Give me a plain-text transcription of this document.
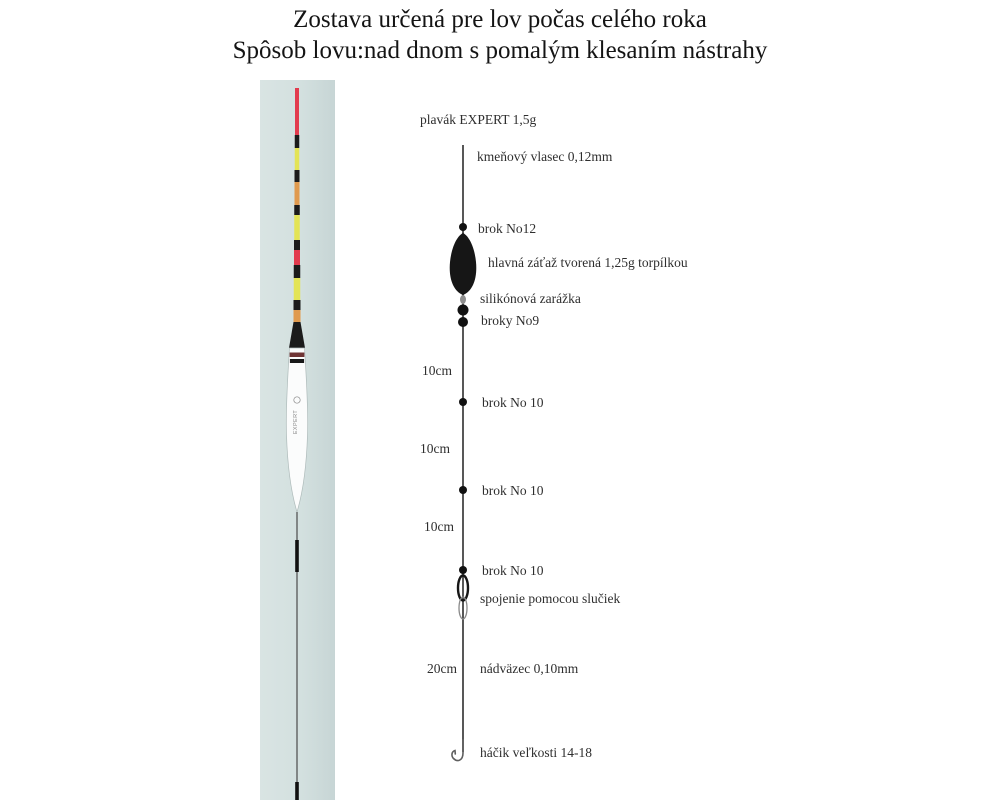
Zostava určená pre lov počas celého roka
Spôsob lovu:nad dnom s pomalým klesaním nástrahy
EXPERT
plavák EXPERT 1,5g
kmeňový vlasec 0,12mm
brok No12
hlavná záťaž tvorená 1,25g torpílkou
silikónová zarážka
broky No9
10cm
brok No 10
10cm
brok No 10
10cm
brok No 10
spojenie pomocou slučiek
20cm nádväzec 0,10mm
háčik veľkosti 14-18
